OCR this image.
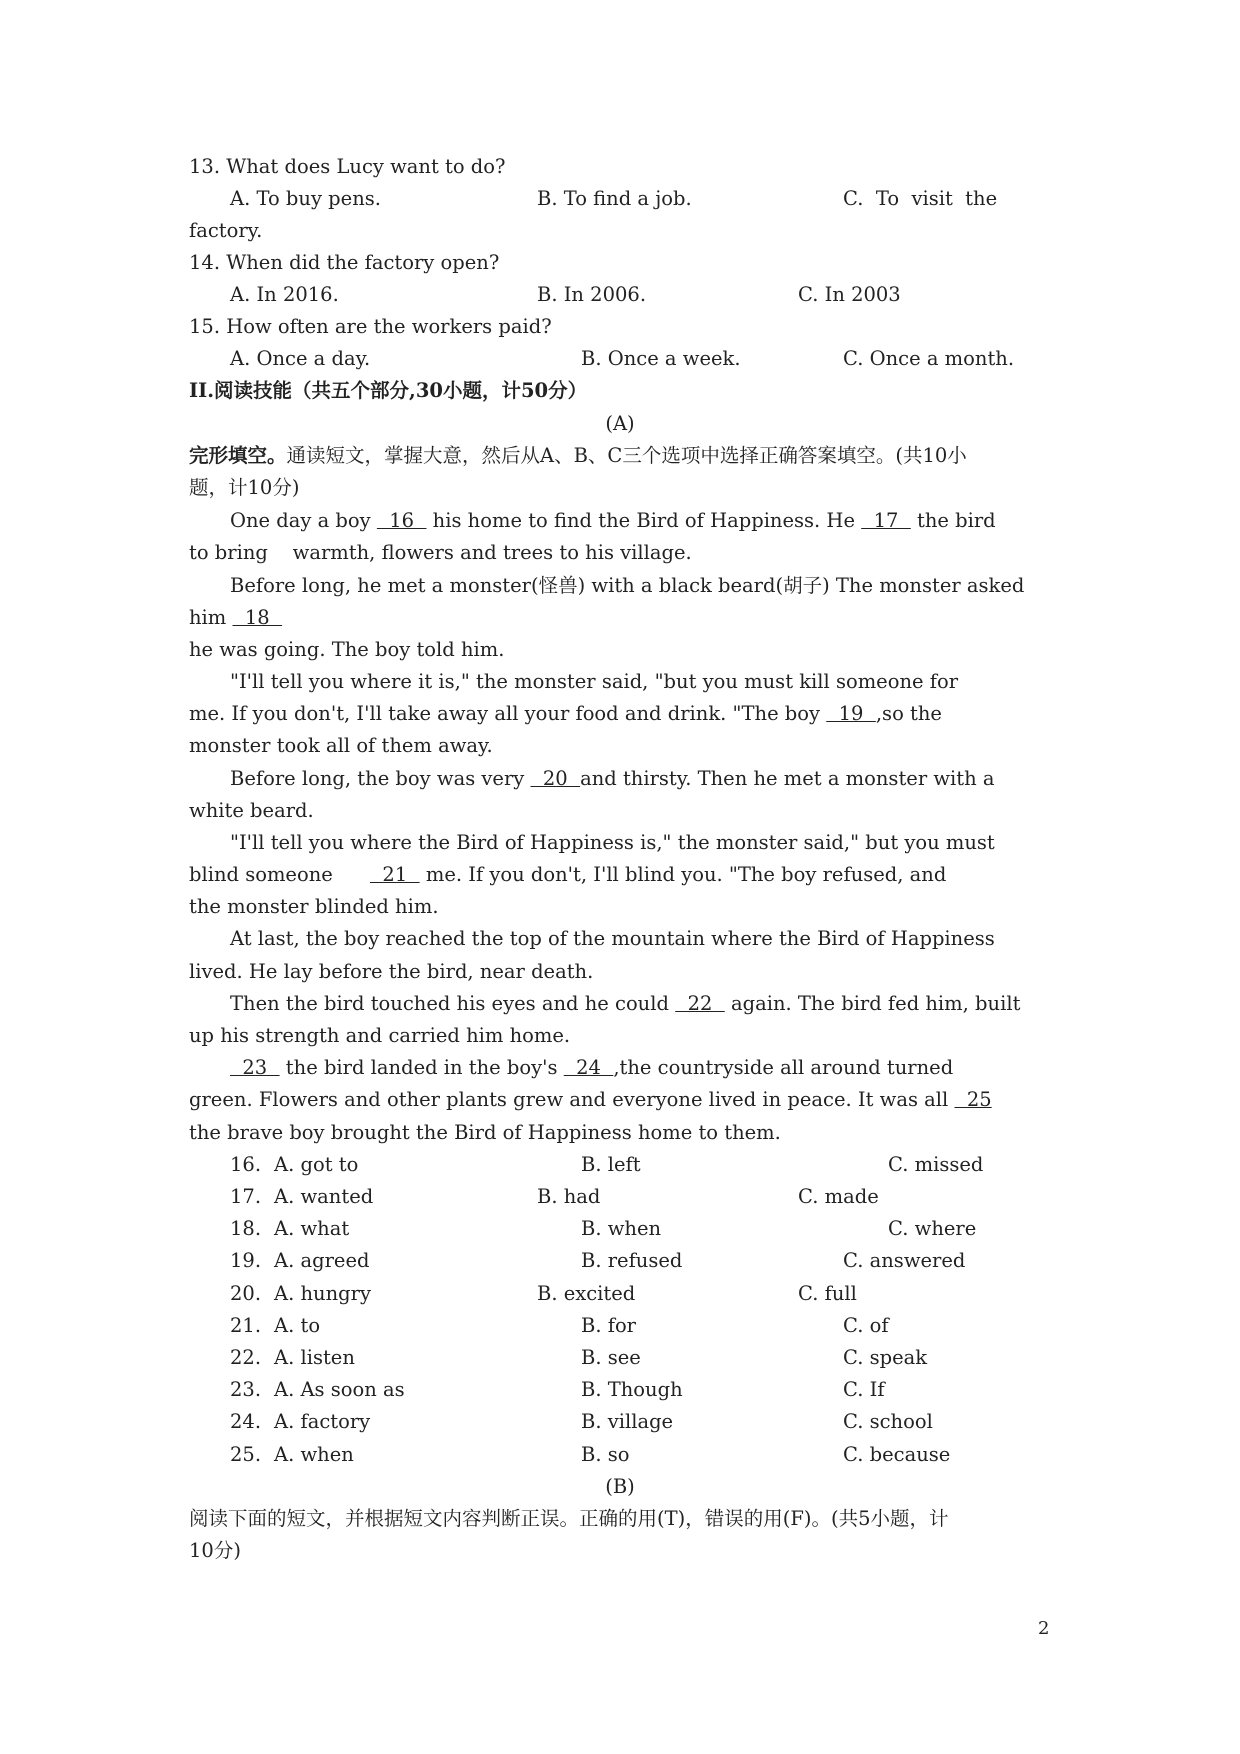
13. What does Lucy want to do?
A. To buy pens.	B. To find a job.	C.  To  visit  the
factory.
14. When did the factory open?
A. In 2016.	B. In 2006.	C. In 2003
15. How often are the workers paid?
A. Once a day.	B. Once a week.	C. Once a month.
II.阅读技能（共五个部分,30小题，计50分）
(A)
完形填空。通读短文，掌握大意，然后从A、B、C三个选项中选择正确答案填空。(共10小
题，计10分)
One day a boy   16   his home to find the Bird of Happiness. He   17   the bird
to bring    warmth, flowers and trees to his village.
Before long, he met a monster(怪兽) with a black beard(胡子) The monster asked
him   18
he was going. The boy told him.
"I'll tell you where it is," the monster said, "but you must kill someone for
me. If you don't, I'll take away all your food and drink. "The boy   19  ,so the
monster took all of them away.
Before long, the boy was very   20  and thirsty. Then he met a monster with a
white beard.
"I'll tell you where the Bird of Happiness is," the monster said," but you must
blind someone        21   me. If you don't, I'll blind you. "The boy refused, and
the monster blinded him.
At last, the boy reached the top of the mountain where the Bird of Happiness
lived. He lay before the bird, near death.
Then the bird touched his eyes and he could   22   again. The bird fed him, built
up his strength and carried him home.
23   the bird landed in the boy's   24  ,the countryside all around turned
green. Flowers and other plants grew and everyone lived in peace. It was all   25
the brave boy brought the Bird of Happiness home to them.
16. A. got to	B. left	C. missed
17. A. wanted	B. had	C. made
18. A. what	B. when	C. where
19. A. agreed	B. refused	C. answered
20. A. hungry	B. excited	C. full
21. A. to	B. for	C. of
22. A. listen	B. see	C. speak
23. A. As soon as	B. Though	C. If
24. A. factory	B. village	C. school
25. A. when	B. so	C. because
(B)
阅读下面的短文，并根据短文内容判断正误。正确的用(T)，错误的用(F)。(共5小题，计
10分)
2
